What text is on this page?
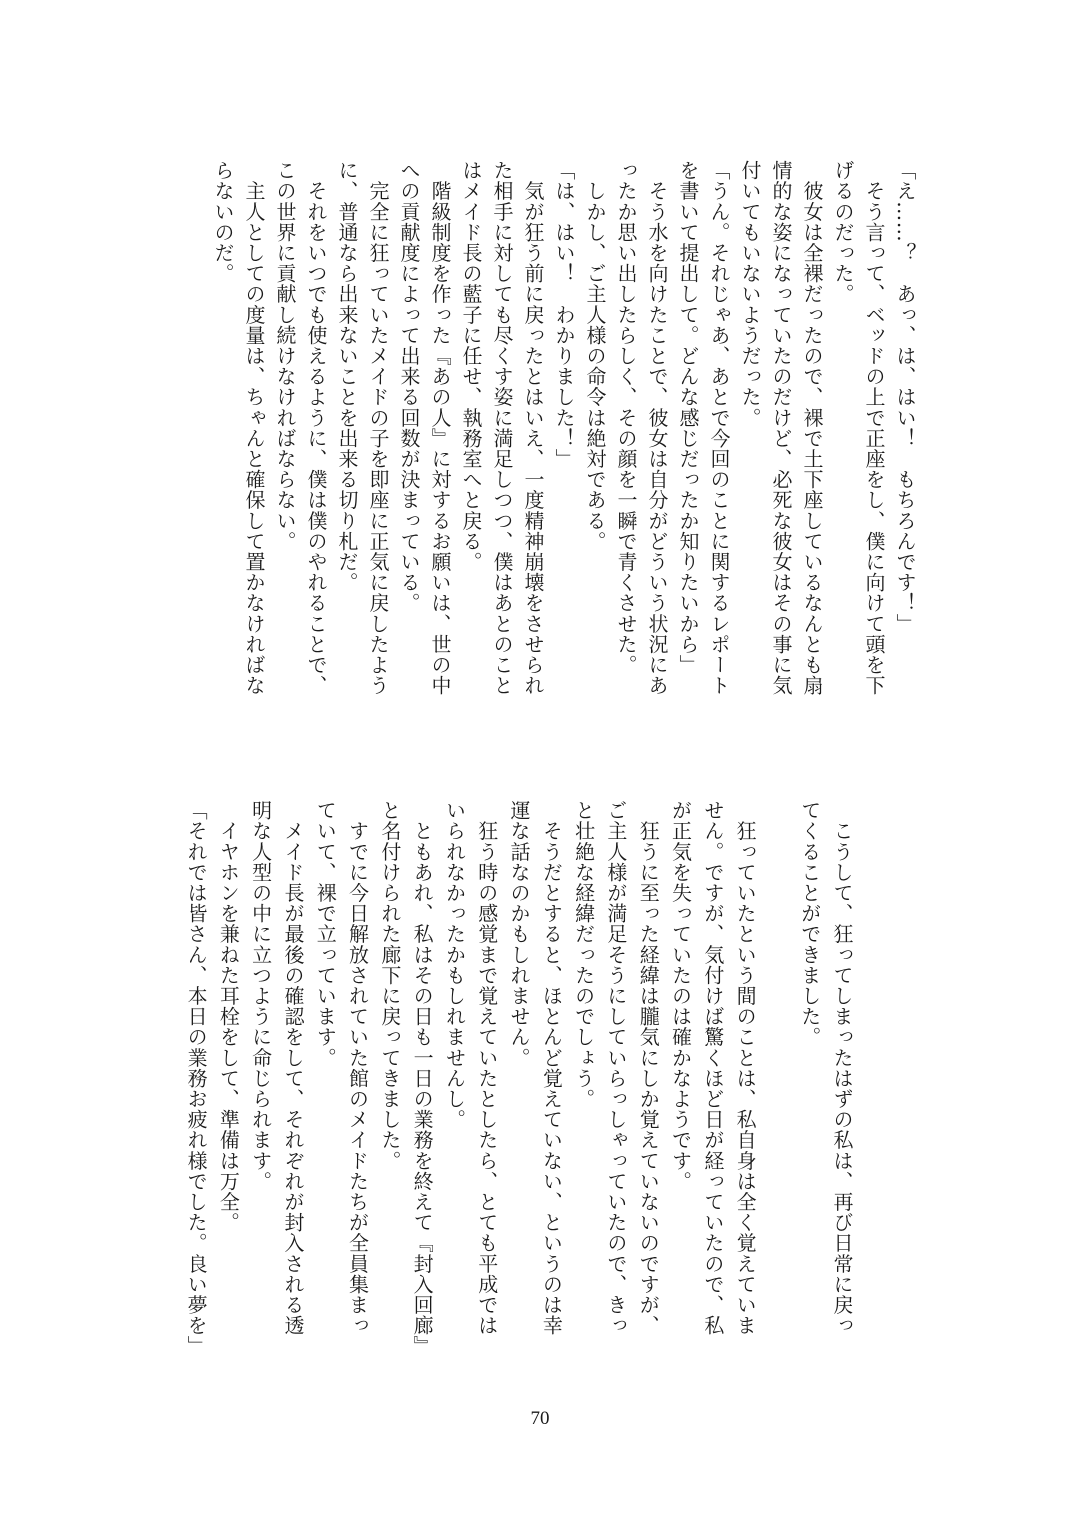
「え……？　あっ、は、はい！　もちろんです！」
　そう言って、ベッドの上で正座をし、僕に向けて頭を下
げるのだった。
　彼女は全裸だったので、裸で土下座しているなんとも扇
情的な姿になっていたのだけど、必死な彼女はその事に気
付いてもいないようだった。
「うん。それじゃあ、あとで今回のことに関するレポート
を書いて提出して。どんな感じだったか知りたいから」
　そう水を向けたことで、彼女は自分がどういう状況にあ
ったか思い出したらしく、その顔を一瞬で青くさせた。
　しかし、ご主人様の命令は絶対である。
「は、はい！　わかりました！」
　気が狂う前に戻ったとはいえ、一度精神崩壊をさせられ
た相手に対しても尽くす姿に満足しつつ、僕はあとのこと
はメイド長の藍子に任せ、執務室へと戻る。
　階級制度を作った『あの人』に対するお願いは、世の中
への貢献度によって出来る回数が決まっている。
　完全に狂っていたメイドの子を即座に正気に戻したよう
に、普通なら出来ないことを出来る切り札だ。
　それをいつでも使えるように、僕は僕のやれることで、
この世界に貢献し続けなければならない。
　主人としての度量は、ちゃんと確保して置かなければな
らないのだ。
　こうして、狂ってしまったはずの私は、再び日常に戻っ
てくることができました。

　狂っていたという間のことは、私自身は全く覚えていま
せん。ですが、気付けば驚くほど日が経っていたので、私
が正気を失っていたのは確かなようです。
　狂うに至った経緯は朧気にしか覚えていないのですが、
ご主人様が満足そうにしていらっしゃっていたので、きっ
と壮絶な経緯だったのでしょう。
　そうだとすると、ほとんど覚えていない、というのは幸
運な話なのかもしれません。
　狂う時の感覚まで覚えていたとしたら、とても平成では
いられなかったかもしれませんし。
　ともあれ、私はその日も一日の業務を終えて『封入回廊』
と名付けられた廊下に戻ってきました。
　すでに今日解放されていた館のメイドたちが全員集まっ
ていて、裸で立っています。
　メイド長が最後の確認をして、それぞれが封入される透
明な人型の中に立つように命じられます。
　イヤホンを兼ねた耳栓をして、準備は万全。
「それでは皆さん、本日の業務お疲れ様でした。良い夢を」
70
